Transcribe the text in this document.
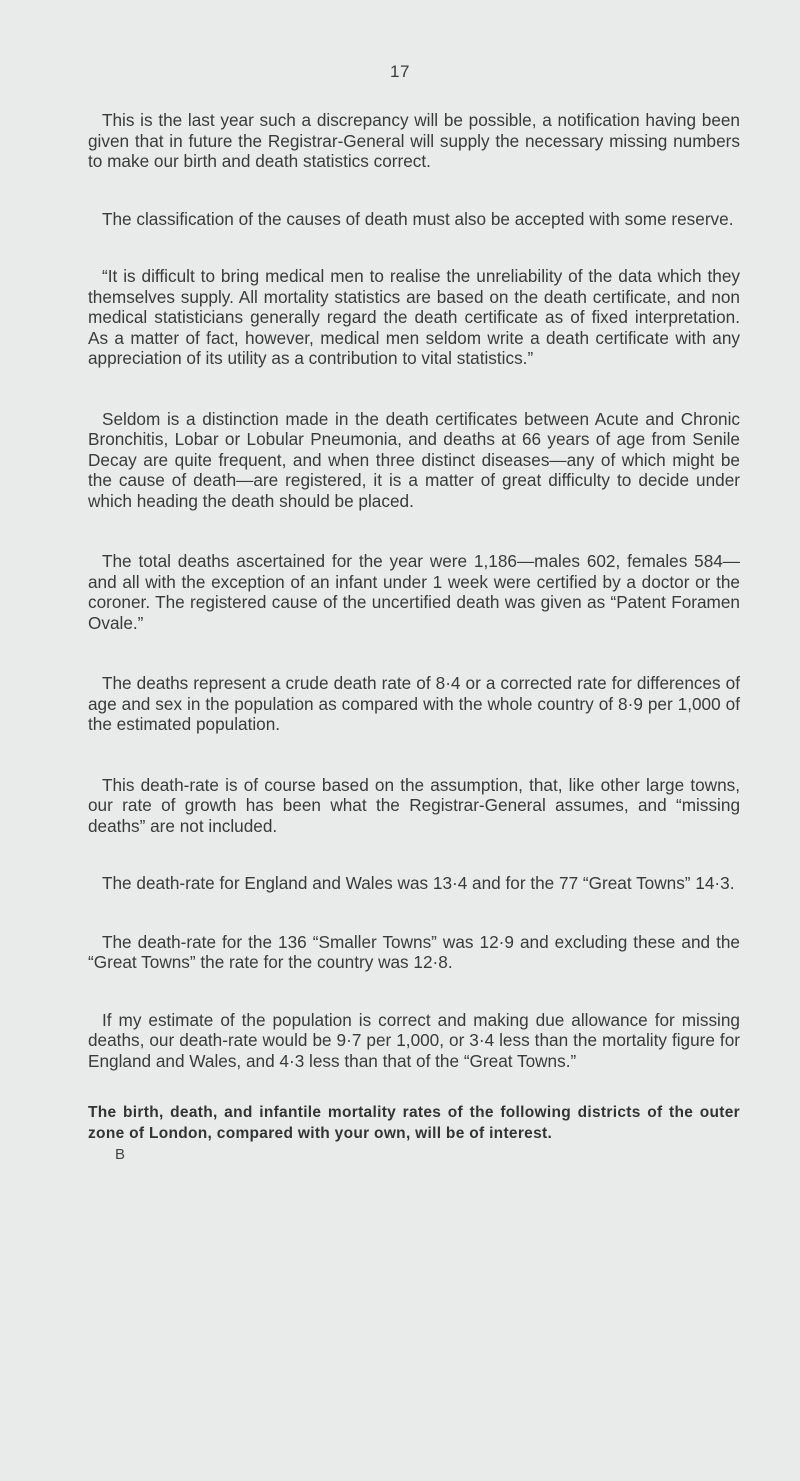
17

This is the last year such a discrepancy will be possible, a notification having been given that in future the Registrar-General will supply the necessary missing numbers to make our birth and death statistics correct.

The classification of the causes of death must also be accepted with some reserve.

“It is difficult to bring medical men to realise the unreliability of the data which they themselves supply. All mortality statistics are based on the death certificate, and non medical statisticians generally regard the death certificate as of fixed interpretation. As a matter of fact, however, medical men seldom write a death certificate with any appreciation of its utility as a contribution to vital statistics.”

Seldom is a distinction made in the death certificates between Acute and Chronic Bronchitis, Lobar or Lobular Pneumonia, and deaths at 66 years of age from Senile Decay are quite frequent, and when three distinct diseases—any of which might be the cause of death—are registered, it is a matter of great difficulty to decide under which heading the death should be placed.

The total deaths ascertained for the year were 1,186—males 602, females 584—and all with the exception of an infant under 1 week were certified by a doctor or the coroner. The registered cause of the uncertified death was given as “Patent Foramen Ovale.”

The deaths represent a crude death rate of 8·4 or a corrected rate for differences of age and sex in the population as compared with the whole country of 8·9 per 1,000 of the estimated population.

This death-rate is of course based on the assumption, that, like other large towns, our rate of growth has been what the Registrar-General assumes, and “missing deaths” are not included.

The death-rate for England and Wales was 13·4 and for the 77 “Great Towns” 14·3.

The death-rate for the 136 “Smaller Towns” was 12·9 and excluding these and the “Great Towns” the rate for the country was 12·8.

If my estimate of the population is correct and making due allowance for missing deaths, our death-rate would be 9·7 per 1,000, or 3·4 less than the mortality figure for England and Wales, and 4·3 less than that of the “Great Towns.”

The birth, death, and infantile mortality rates of the following districts of the outer zone of London, compared with your own, will be of interest.

B
